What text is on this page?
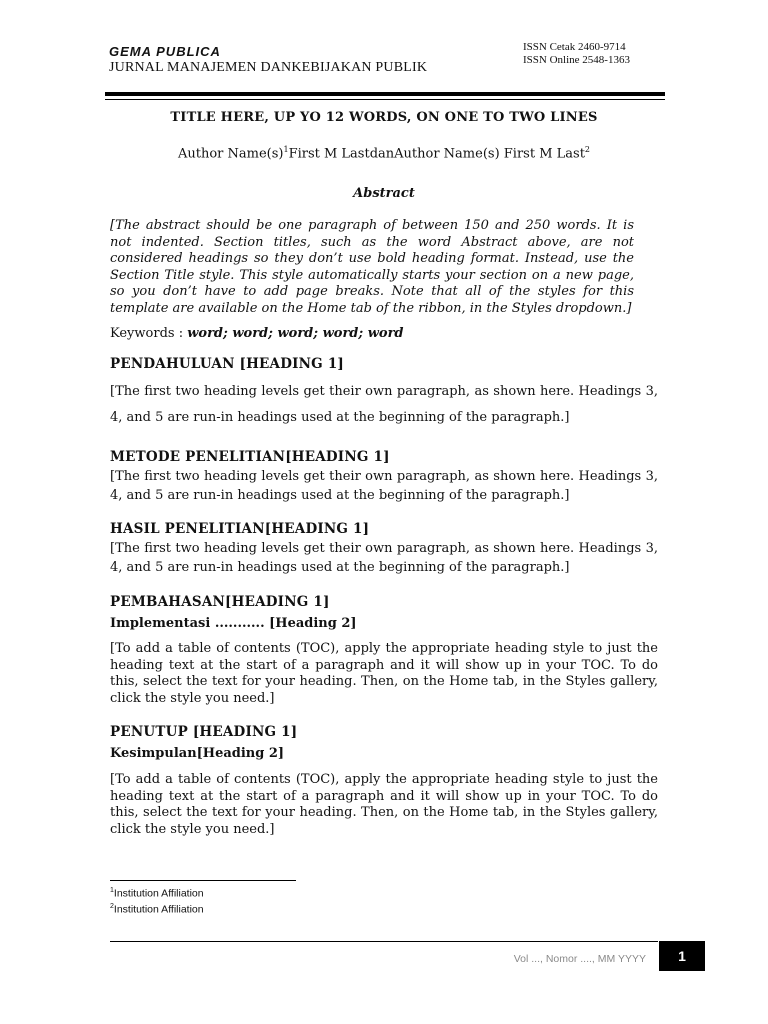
GEMA PUBLICA
JURNAL MANAJEMEN DANKEBIJAKAN PUBLIK
ISSN Cetak 2460-9714
ISSN Online 2548-1363
TITLE HERE, UP YO 12 WORDS, ON ONE TO TWO LINES
Author $Name(s)^1First$ M LastdanAuthor Name(s) First M Last$^2$
Abstract
[The abstract should be one paragraph of between 150 and 250 words. It is not indented. Section titles, such as the word Abstract above, are not considered headings so they don’t use bold heading format. Instead, use the Section Title style. This style automatically starts your section on a new page, so you don’t have to add page breaks. Note that all of the styles for this template are available on the Home tab of the ribbon, in the Styles dropdown.]
Keywords : word; word; word; word; word
PENDAHULUAN [HEADING 1]
[The first two heading levels get their own paragraph, as shown here. Headings 3, 4, and 5 are run-in headings used at the beginning of the paragraph.]
METODE PENELITIAN[HEADING 1]
[The first two heading levels get their own paragraph, as shown here. Headings 3, 4, and 5 are run-in headings used at the beginning of the paragraph.]
HASIL PENELITIAN[HEADING 1]
[The first two heading levels get their own paragraph, as shown here. Headings 3, 4, and 5 are run-in headings used at the beginning of the paragraph.]
PEMBAHASAN[HEADING 1]
Implementasi ........... [Heading 2]
[To add a table of contents (TOC), apply the appropriate heading style to just the heading text at the start of a paragraph and it will show up in your TOC. To do this, select the text for your heading. Then, on the Home tab, in the Styles gallery, click the style you need.]
PENUTUP [HEADING 1]
Kesimpulan[Heading 2]
[To add a table of contents (TOC), apply the appropriate heading style to just the heading text at the start of a paragraph and it will show up in your TOC. To do this, select the text for your heading. Then, on the Home tab, in the Styles gallery, click the style you need.]
$^1$Institution Affiliation
$^2$Institution Affiliation
Vol ..., Nomor ...., MM YYYY 1
